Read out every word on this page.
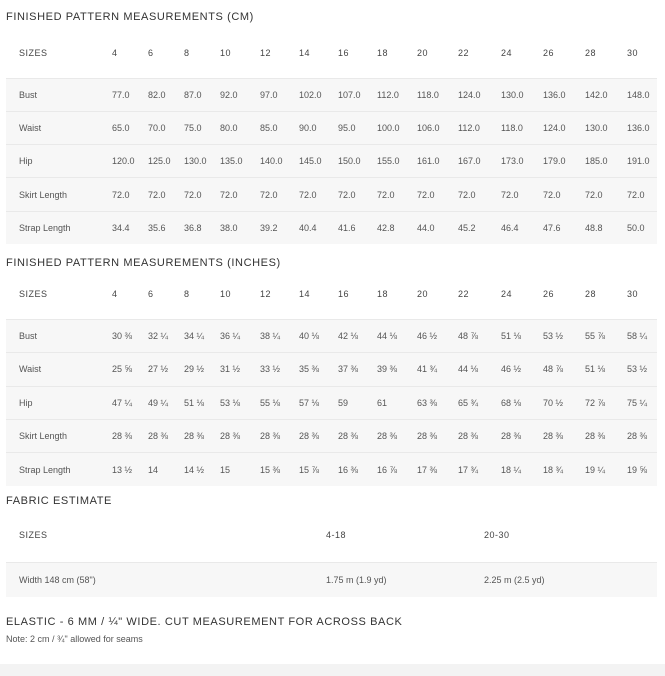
FINISHED PATTERN MEASUREMENTS (CM)
SIZES	4	6	8	10	12	14	16	18	20	22	24	26	28	30
Bust	77.0	82.0	87.0	92.0	97.0	102.0	107.0	112.0	118.0	124.0	130.0	136.0	142.0	148.0
Waist	65.0	70.0	75.0	80.0	85.0	90.0	95.0	100.0	106.0	112.0	118.0	124.0	130.0	136.0
Hip	120.0	125.0	130.0	135.0	140.0	145.0	150.0	155.0	161.0	167.0	173.0	179.0	185.0	191.0
Skirt Length	72.0	72.0	72.0	72.0	72.0	72.0	72.0	72.0	72.0	72.0	72.0	72.0	72.0	72.0
Strap Length	34.4	35.6	36.8	38.0	39.2	40.4	41.6	42.8	44.0	45.2	46.4	47.6	48.8	50.0
FINISHED PATTERN MEASUREMENTS (INCHES)
SIZES	4	6	8	10	12	14	16	18	20	22	24	26	28	30
Bust	30 ⅜	32 ¼	34 ¼	36 ¼	38 ¼	40 ⅛	42 ⅛	44 ⅛	46 ½	48 ⅞	51 ⅛	53 ½	55 ⅞	58 ¼
Waist	25 ⅝	27 ½	29 ½	31 ½	33 ½	35 ⅜	37 ⅜	39 ⅜	41 ¾	44 ⅛	46 ½	48 ⅞	51 ⅛	53 ½
Hip	47 ¼	49 ¼	51 ⅛	53 ⅛	55 ⅛	57 ⅛	59	61	63 ⅜	65 ¾	68 ⅛	70 ½	72 ⅞	75 ¼
Skirt Length	28 ⅜	28 ⅜	28 ⅜	28 ⅜	28 ⅜	28 ⅜	28 ⅜	28 ⅜	28 ⅜	28 ⅜	28 ⅜	28 ⅜	28 ⅜	28 ⅜
Strap Length	13 ½	14	14 ½	15	15 ⅜	15 ⅞	16 ⅜	16 ⅞	17 ⅜	17 ¾	18 ¼	18 ¾	19 ¼	19 ⅝
FABRIC ESTIMATE
SIZES	4-18	20-30
Width 148 cm (58")	1.75 m (1.9 yd)	2.25 m (2.5 yd)
ELASTIC - 6 MM / ¼" WIDE. CUT MEASUREMENT FOR ACROSS BACK
Note: 2 cm / ¾" allowed for seams
